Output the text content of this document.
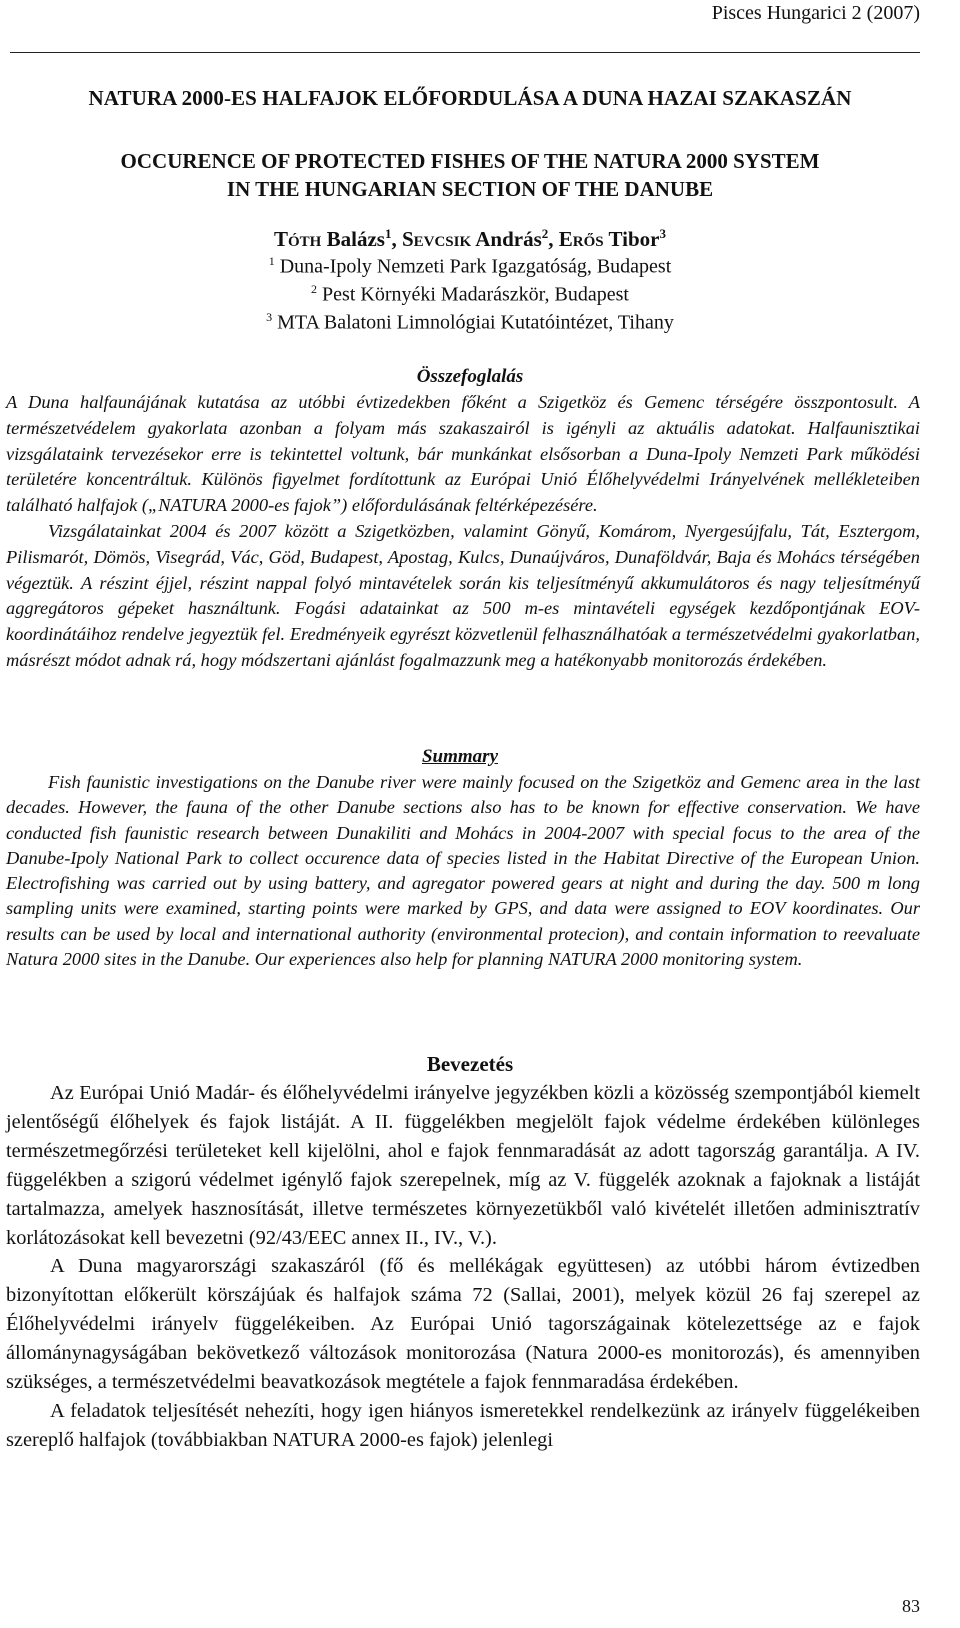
Pisces Hungarici 2 (2007)
NATURA 2000-ES HALFAJOK ELŐFORDULÁSA A DUNA HAZAI SZAKASZÁN
OCCURENCE OF PROTECTED FISHES OF THE NATURA 2000 SYSTEM
IN THE HUNGARIAN SECTION OF THE DANUBE
Tóth Balázs$^1$, Sevcsik András$^2$, Erős Tibor$^3$
$^1$ Duna-Ipoly Nemzeti Park Igazgatóság, Budapest
$^2$ Pest Környéki Madarászkör, Budapest
$^3$ MTA Balatoni Limnológiai Kutatóintézet, Tihany
Összefoglalás

A Duna halfaunájának kutatása az utóbbi évtizedekben főként a Szigetköz és Gemenc térségére összpontosult. A természetvédelem gyakorlata azonban a folyam más szakaszairól is igényli az aktuális adatokat. Halfaunisztikai vizsgálataink tervezésekor erre is tekintettel voltunk, bár munkánkat elsősorban a Duna-Ipoly Nemzeti Park működési területére koncentráltuk. Különös figyelmet fordítottunk az Európai Unió Élőhelyvédelmi Irányelvének mellékleteiben található halfajok („NATURA 2000-es fajok”) előfordulásának feltérképezésére.

Vizsgálatainkat 2004 és 2007 között a Szigetközben, valamint Gönyű, Komárom, Nyergesújfalu, Tát, Esztergom, Pilismarót, Dömös, Visegrád, Vác, Göd, Budapest, Apostag, Kulcs, Dunaújváros, Dunaföldvár, Baja és Mohács térségében végeztük. A részint éjjel, részint nappal folyó mintavételek során kis teljesítményű akkumulátoros és nagy teljesítményű aggregátoros gépeket használtunk. Fogási adatainkat az 500 m-es mintavételi egységek kezdőpontjának EOV-koordinátáihoz rendelve jegyeztük fel. Eredményeik egyrészt közvetlenül felhasználhatóak a természetvédelmi gyakorlatban, másrészt módot adnak rá, hogy módszertani ajánlást fogalmazzunk meg a hatékonyabb monitorozás érdekében.

Summary

Fish faunistic investigations on the Danube river were mainly focused on the Szigetköz and Gemenc area in the last decades. However, the fauna of the other Danube sections also has to be known for effective conservation. We have conducted fish faunistic research between Dunakiliti and Mohács in 2004-2007 with special focus to the area of the Danube-Ipoly National Park to collect occurence data of species listed in the Habitat Directive of the European Union. Electrofishing was carried out by using battery, and agregator powered gears at night and during the day. 500 m long sampling units were examined, starting points were marked by GPS, and data were assigned to EOV koordinates. Our results can be used by local and international authority (environmental protecion), and contain information to reevaluate Natura 2000 sites in the Danube. Our experiences also help for planning NATURA 2000 monitoring system.

Bevezetés

Az Európai Unió Madár- és élőhelyvédelmi irányelve jegyzékben közli a közösség szempontjából kiemelt jelentőségű élőhelyek és fajok listáját. A II. függelékben megjelölt fajok védelme érdekében különleges természetmegőrzési területeket kell kijelölni, ahol e fajok fennmaradását az adott tagország garantálja. A IV. függelékben a szigorú védelmet igénylő fajok szerepelnek, míg az V. függelék azoknak a fajoknak a listáját tartalmazza, amelyek hasznosítását, illetve természetes környezetükből való kivételét illetően adminisztratív korlátozásokat kell bevezetni (92/43/EEC annex II., IV., V.).

A Duna magyarországi szakaszáról (fő és mellékágak együttesen) az utóbbi három évtizedben bizonyítottan előkerült körszájúak és halfajok száma 72 (Sallai, 2001), melyek közül 26 faj szerepel az Élőhelyvédelmi irányelv függelékeiben. Az Európai Unió tagországainak kötelezettsége az e fajok állománynagyságában bekövetkező változások monitorozása (Natura 2000-es monitorozás), és amennyiben szükséges, a természetvédelmi beavatkozások megtétele a fajok fennmaradása érdekében.

A feladatok teljesítését nehezíti, hogy igen hiányos ismeretekkel rendelkezünk az irányelv függelékeiben szereplő halfajok (továbbiakban NATURA 2000-es fajok) jelenlegi

83
